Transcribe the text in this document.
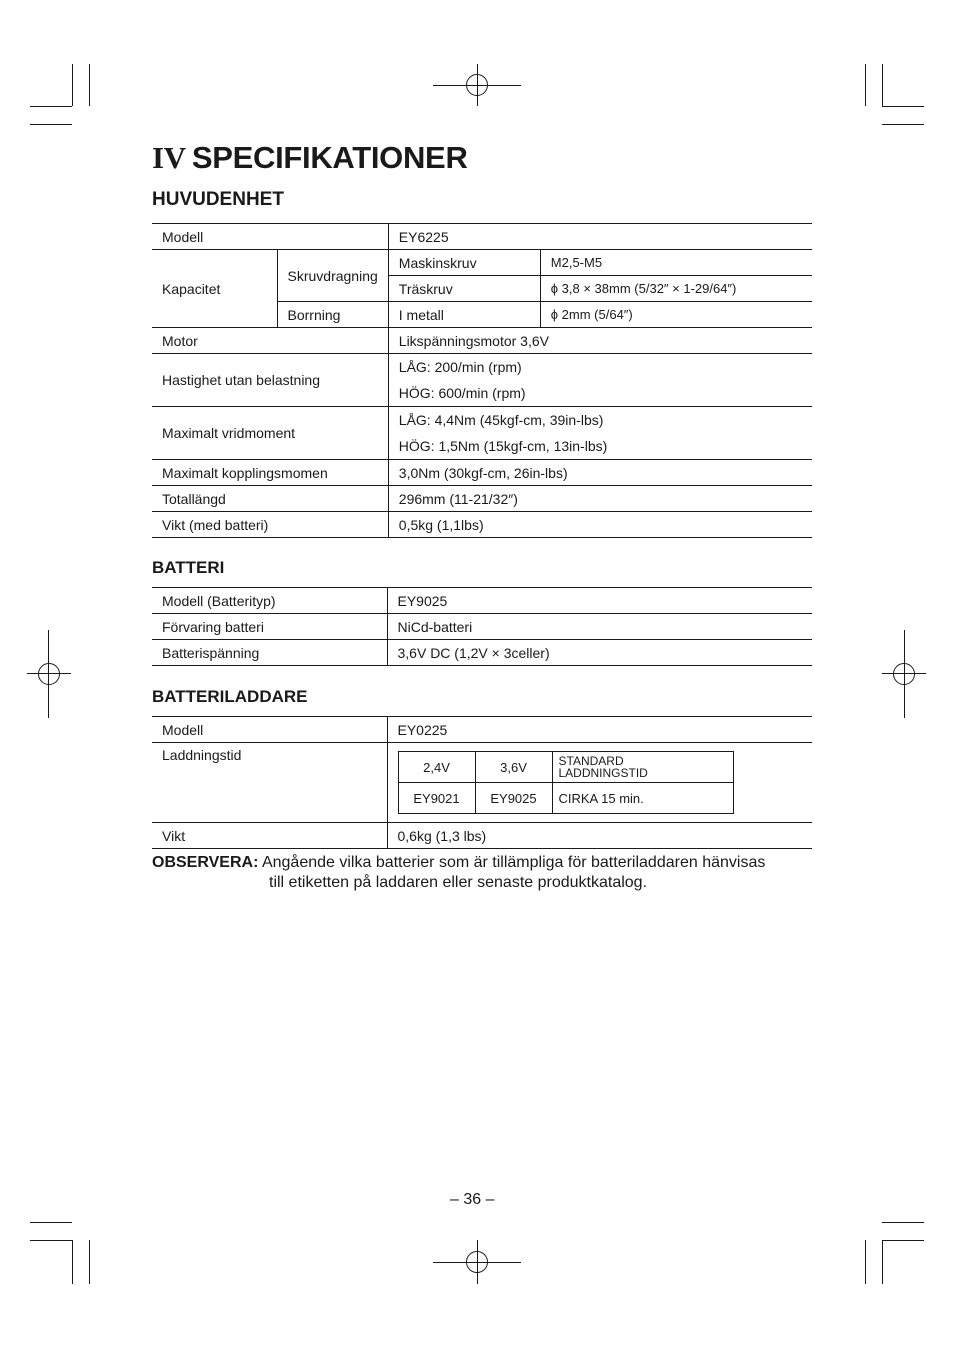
IV SPECIFIKATIONER
HUVUDENHET
Modell		EY6225	
Kapacitet	Skruvdragning	Maskinskruv	M2,5-M5
		Träskruv	ϕ 3,8 × 38mm (5/32″ × 1-29/64″)
	Borrning	I metall	ϕ 2mm (5/64″)
Motor		Likspänningsmotor 3,6V	
Hastighet utan belastning		LÅG: 200/min (rpm)
HÖG: 600/min (rpm)	

Maximalt vridmoment		LÅG: 4,4Nm (45kgf-cm, 39in-lbs)
HÖG: 1,5Nm (15kgf-cm, 13in-lbs)	

Maximalt kopplingsmomen		3,0Nm (30kgf-cm, 26in-lbs)	
Totallängd		296mm (11-21/32″)	
Vikt (med batteri)		0,5kg (1,1lbs)	
BATTERI
Modell (Batterityp)	EY9025
Förvaring batteri	NiCd-batteri
Batterispänning	3,6V DC (1,2V × 3celler)
BATTERILADDARE
Modell	EY0225
Laddningstid	
2,4V	3,6V	STANDARD
LADDNINGSTID

EY9021	EY9025	CIRKA 15 min.

Vikt	0,6kg (1,3 lbs)
OBSERVERA: Angående vilka batterier som är tillämpliga för batteriladdaren hänvisas
till etiketten på laddaren eller senaste produktkatalog.
– 36 –
